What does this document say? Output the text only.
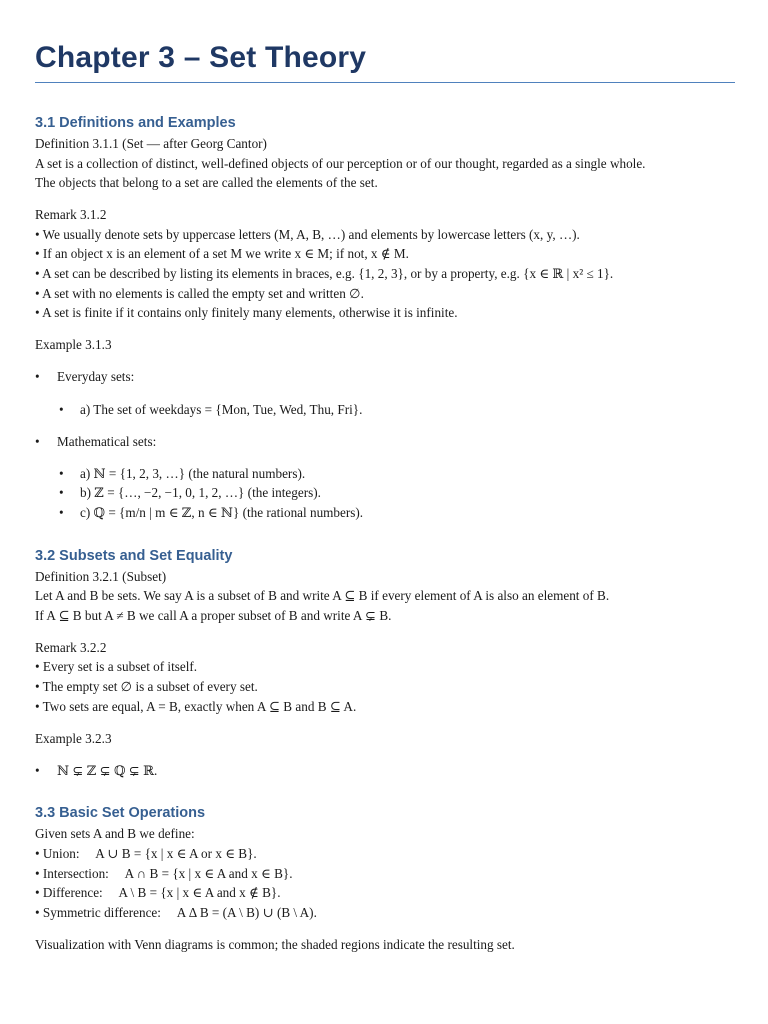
Chapter 3 – Set Theory
3.1 Definitions and Examples

Definition 3.1.1 (Set — after Georg Cantor)

A set is a collection of distinct, well-defined objects of our perception or of our thought, regarded as a single whole.

The objects that belong to a set are called the elements of the set.

Remark 3.1.2

• We usually denote sets by uppercase letters (M, A, B, …) and elements by lowercase letters (x, y, …).

• If an object x is an element of a set M we write x ∈ M; if not, x ∉ M.

• A set can be described by listing its elements in braces, e.g. {1, 2, 3}, or by a property, e.g. {x ∈ ℝ | x² ≤ 1}.

• A set with no elements is called the empty set and written ∅.

• A set is finite if it contains only finitely many elements, otherwise it is infinite.

Example 3.1.3

• Everyday sets:
• a) The set of weekdays = {Mon, Tue, Wed, Thu, Fri}.
• Mathematical sets:
• a) ℕ = {1, 2, 3, …} (the natural numbers).
• b) ℤ = {…, −2, −1, 0, 1, 2, …} (the integers).
• c) ℚ = {m/n | m ∈ ℤ, n ∈ ℕ} (the rational numbers).
3.2 Subsets and Set Equality

Definition 3.2.1 (Subset)

Let A and B be sets. We say A is a subset of B and write A ⊆ B if every element of A is also an element of B.

If A ⊆ B but A ≠ B we call A a proper subset of B and write A ⊊ B.

Remark 3.2.2

• Every set is a subset of itself.

• The empty set ∅ is a subset of every set.

• Two sets are equal, A = B, exactly when A ⊆ B and B ⊆ A.

Example 3.2.3

• ℕ ⊊ ℤ ⊊ ℚ ⊊ ℝ.
3.3 Basic Set Operations

Given sets A and B we define:

• Union:     A ∪ B = {x | x ∈ A or x ∈ B}.

• Intersection:     A ∩ B = {x | x ∈ A and x ∈ B}.

• Difference:     A \ B = {x | x ∈ A and x ∉ B}.

• Symmetric difference:     A Δ B = (A \ B) ∪ (B \ A).

Visualization with Venn diagrams is common; the shaded regions indicate the resulting set.
